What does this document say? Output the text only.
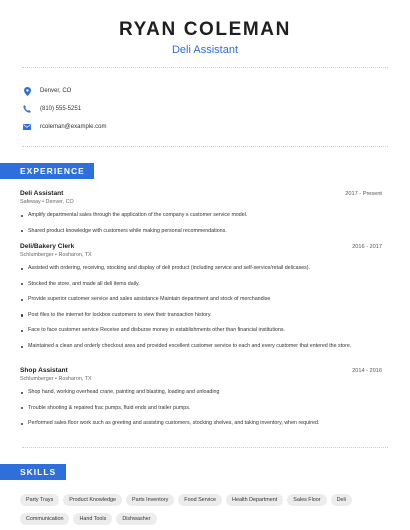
RYAN COLEMAN
Deli Assistant
Denver, CO
(810) 555-5251
rcoleman@example.com
EXPERIENCE
Deli Assistant	2017 - Present
Safeway • Denver, CO
Amplify departmental sales through the application of the company s customer service model.
Shared product knowledge with customers while making personal recommendations.
Deli/Bakery Clerk	2016 - 2017
Schlumberger • Rosharon, TX
Assisted with ordering, receiving, stocking and display of deli product (including service and self-service/retail delicases).
Stocked the store, and made all deli items daily.
Provide superior customer service and sales assistance Maintain department and stock of merchandise
Post files to the internet for lockbox customers to view their transaction history.
Face to face customer service Receive and disburse money in establishments other than financial institutions.
Maintained a clean and orderly checkout area and provided excellent customer service to each and every customer that entered the store.
Shop Assistant	2014 - 2016
Schlumberger • Rosharon, TX
Shop hand, working overhead crane, painting and blasting, loading and unloading
Trouble shooting & repaired frac pumps, fluid ends and trailer pumps.
Performed sales floor work such as greeting and assisting customers, stocking shelves, and taking inventory, when required.
SKILLS
Party Trays	Product Knowledge	Parts Inventory	Food Service	Health Department	Sales Floor	Deli
Communication	Hand Tools	Dishwasher
